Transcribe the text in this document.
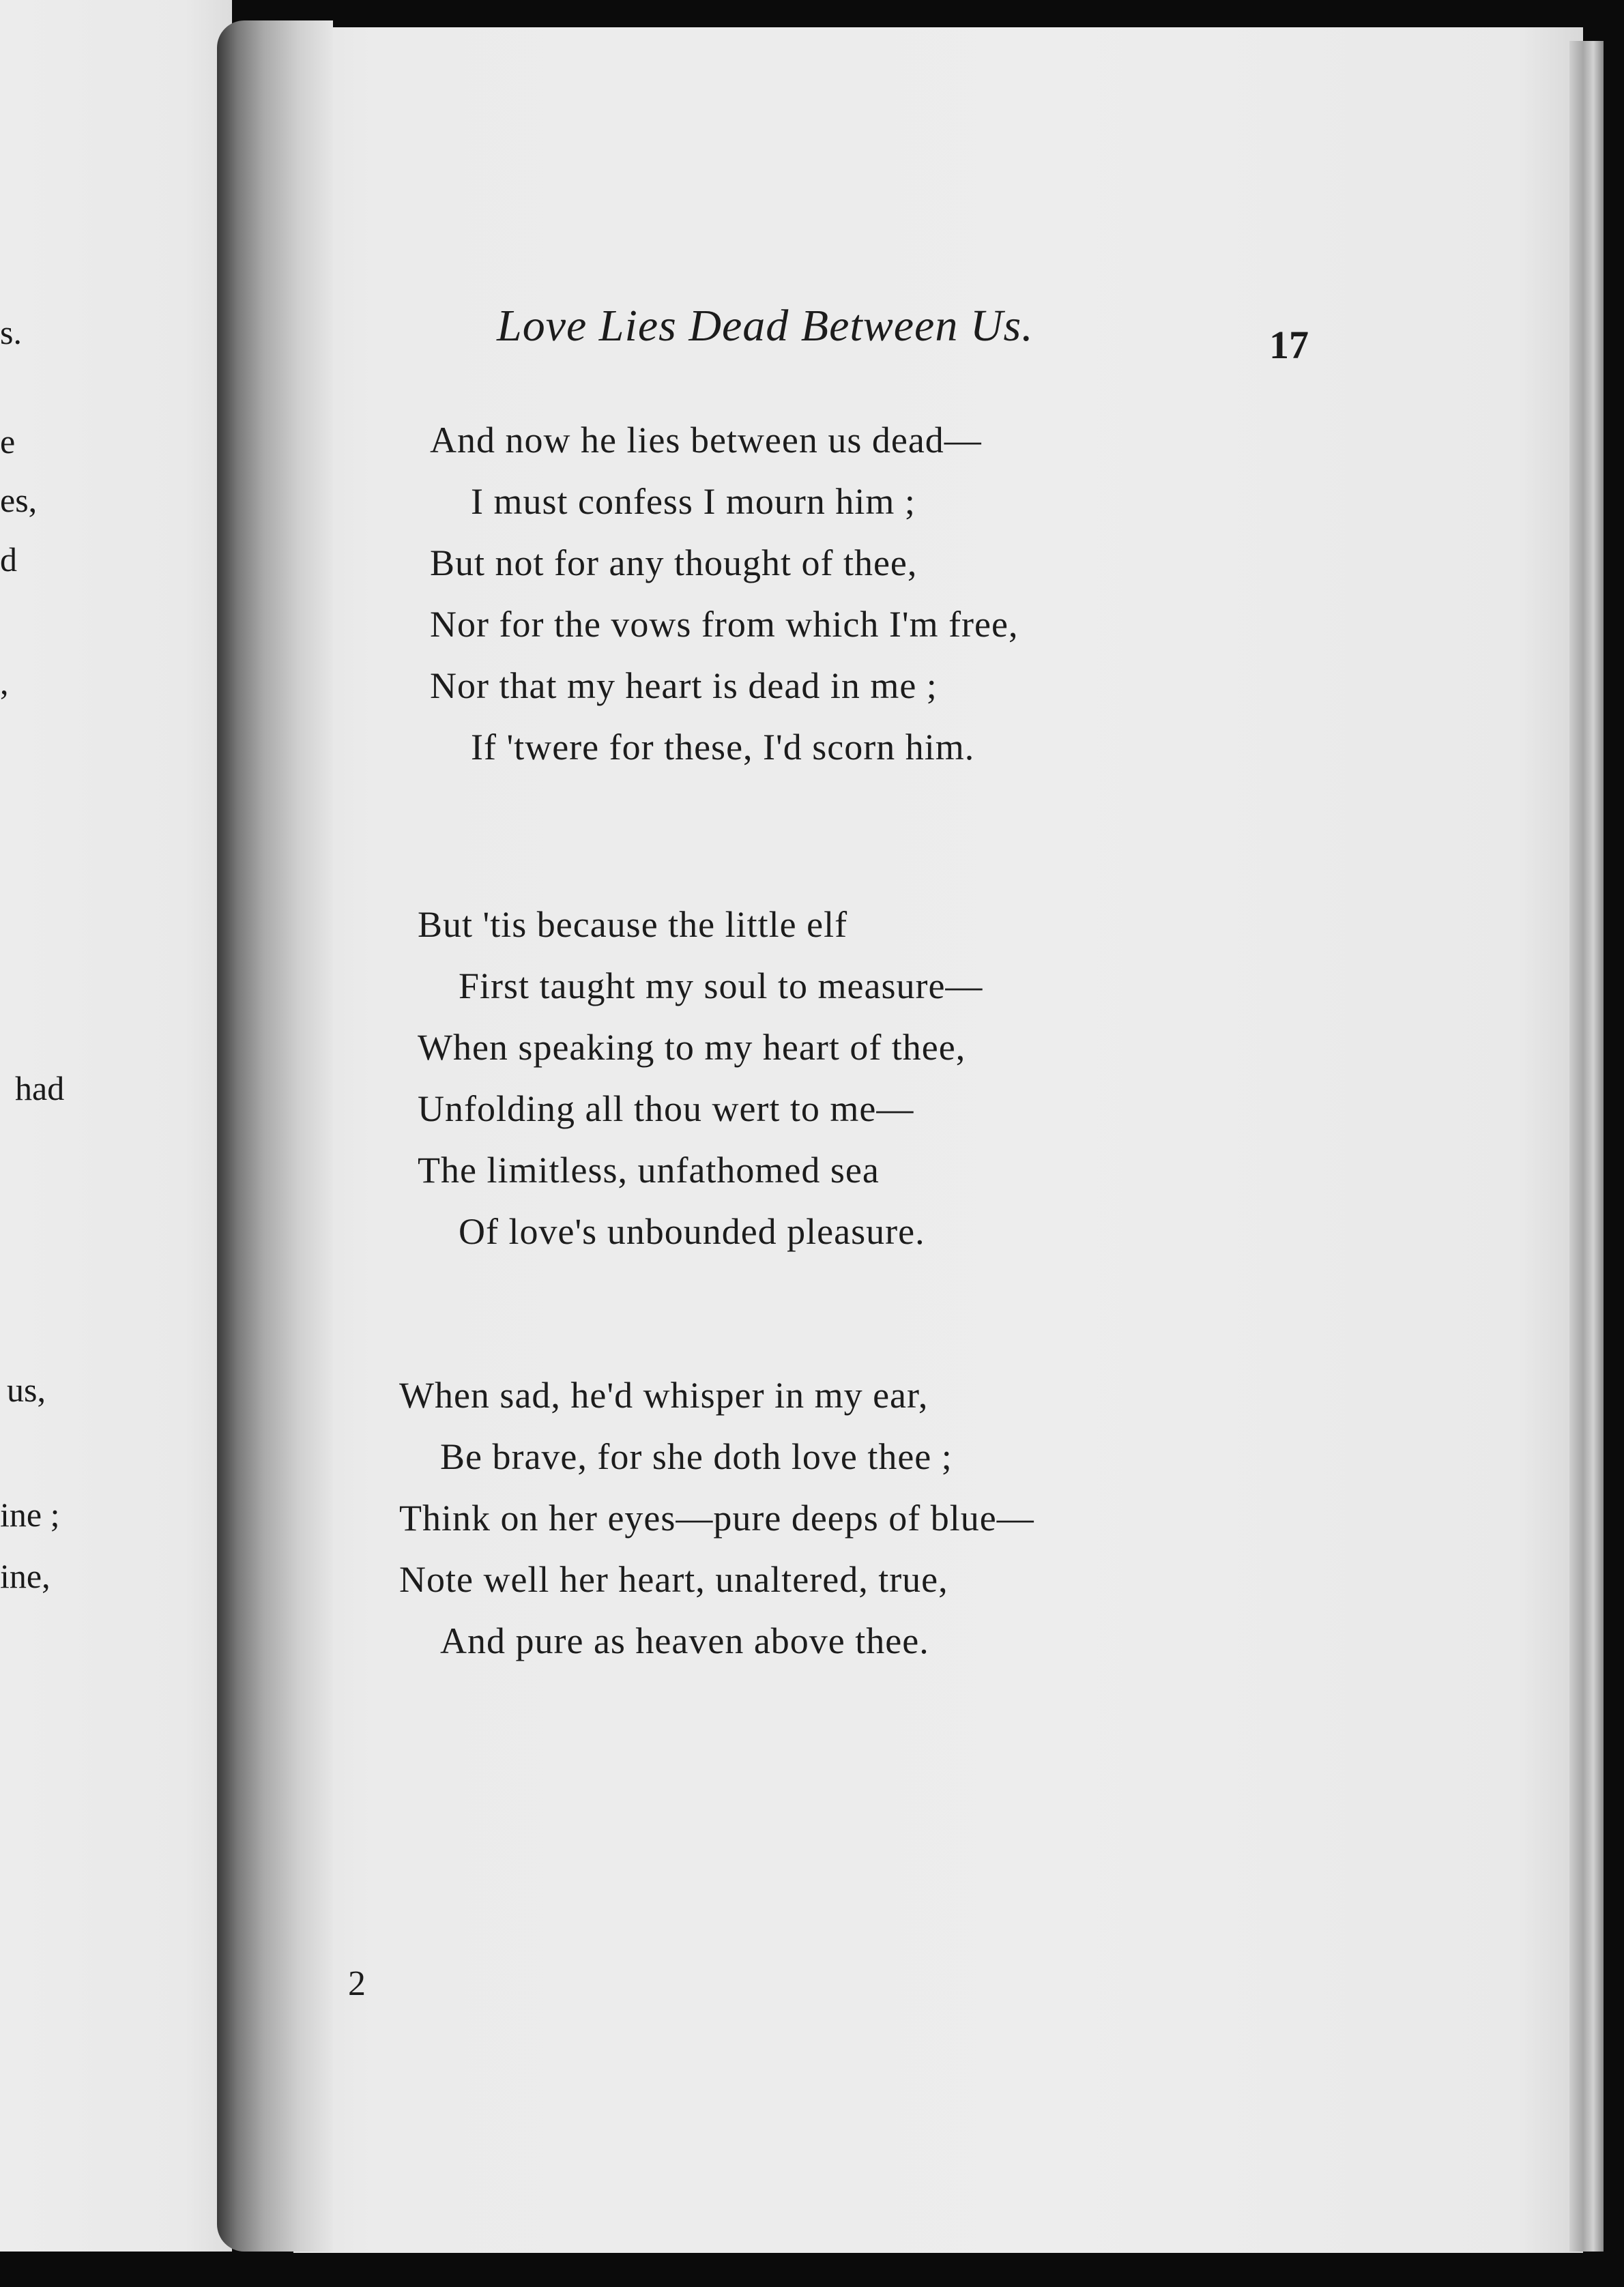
s.
e
es,
d
,
had
us,
ine ;
ine,
Love Lies Dead Between Us.	17
And now he lies between us dead—
I must confess I mourn him ;
But not for any thought of thee,
Nor for the vows from which I'm free,
Nor that my heart is dead in me ;
If 'twere for these, I'd scorn him.
But 'tis because the little elf
First taught my soul to measure—
When speaking to my heart of thee,
Unfolding all thou wert to me—
The limitless, unfathomed sea
Of love's unbounded pleasure.
When sad, he'd whisper in my ear,
Be brave, for she doth love thee ;
Think on her eyes—pure deeps of blue—
Note well her heart, unaltered, true,
And pure as heaven above thee.
2
